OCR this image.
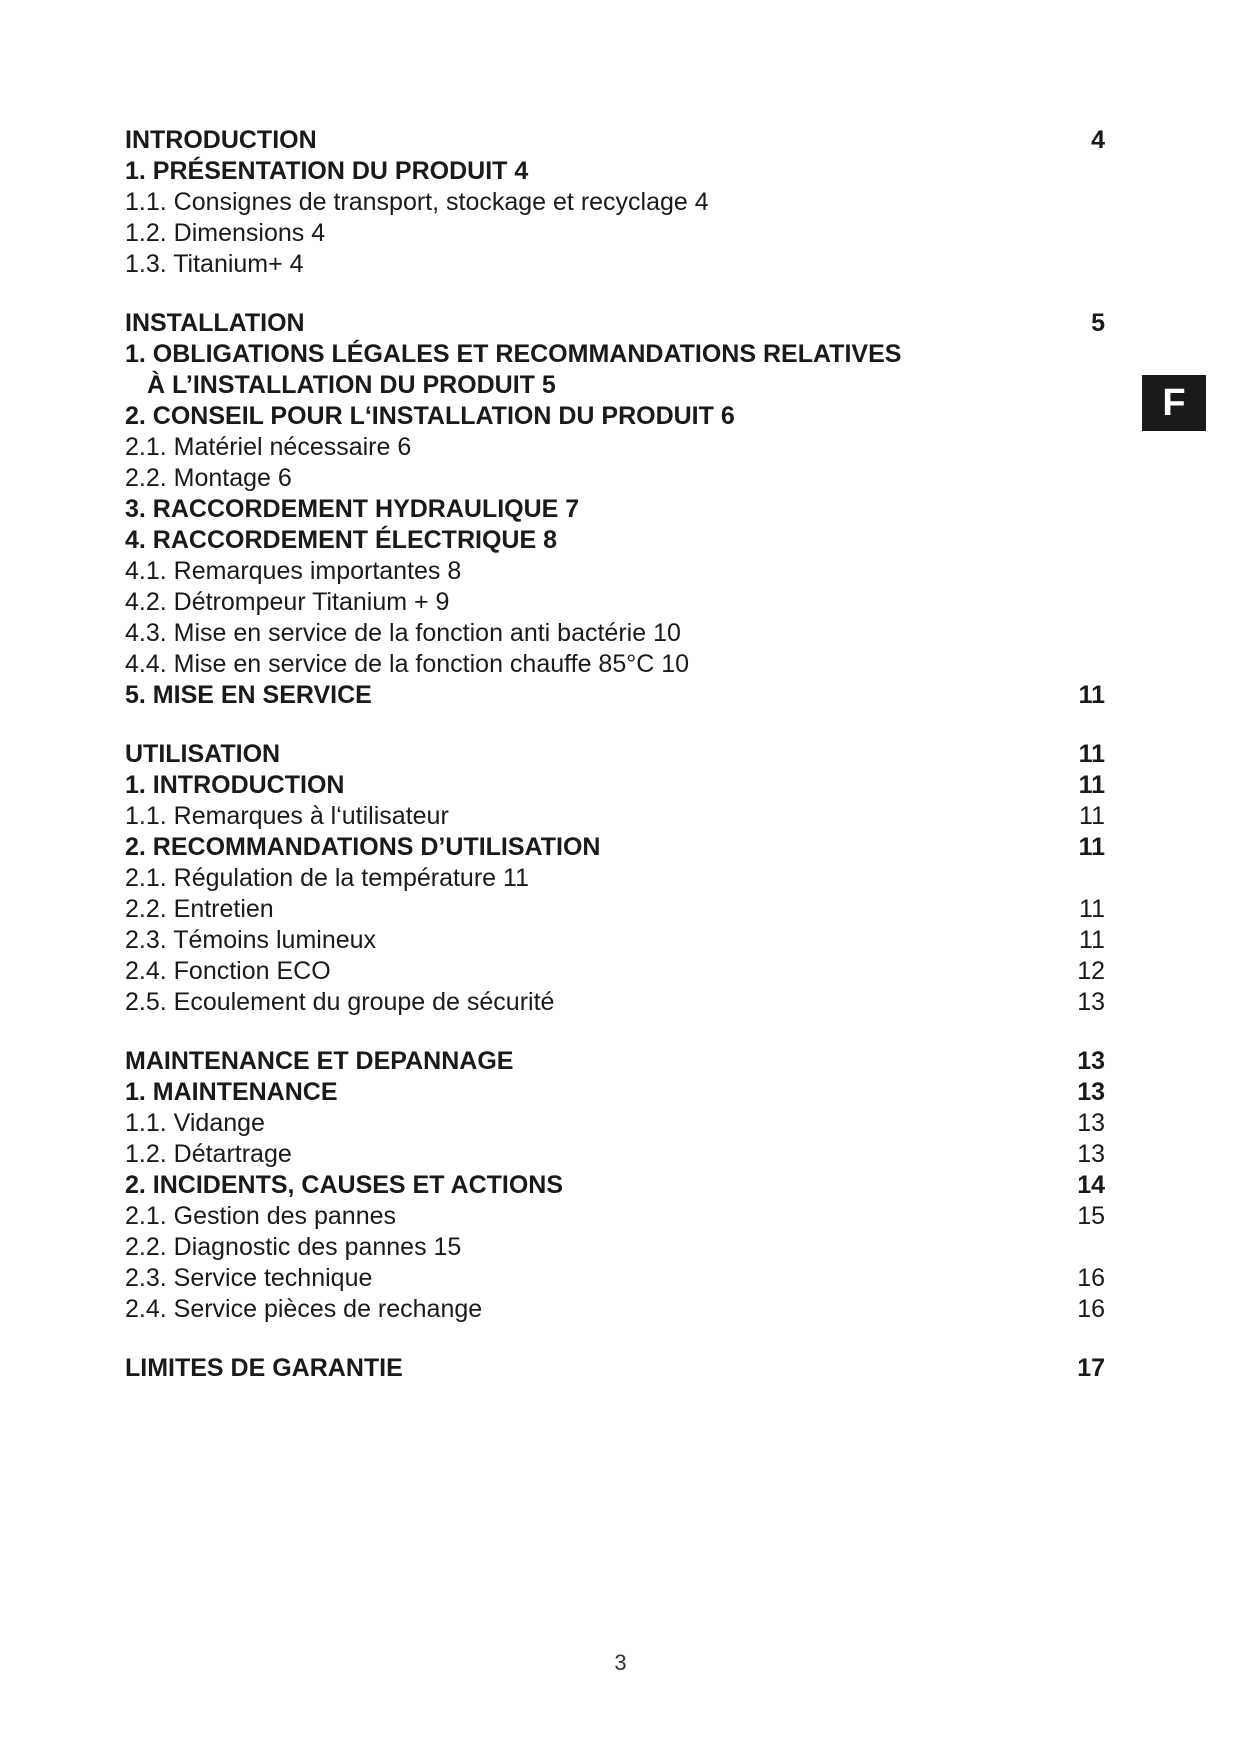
INTRODUCTION	4
1. PRÉSENTATION DU PRODUIT 4
1.1. Consignes de transport, stockage et recyclage 4
1.2. Dimensions 4
1.3. Titanium+ 4
INSTALLATION	5
1. OBLIGATIONS LÉGALES ET RECOMMANDATIONS RELATIVES
À L’INSTALLATION DU PRODUIT 5
2. CONSEIL POUR L‘INSTALLATION DU PRODUIT 6
2.1. Matériel nécessaire 6
2.2. Montage 6
3. RACCORDEMENT HYDRAULIQUE 7
4. RACCORDEMENT ÉLECTRIQUE 8
4.1. Remarques importantes 8
4.2. Détrompeur Titanium + 9
4.3. Mise en service de la fonction anti bactérie 10
4.4. Mise en service de la fonction chauffe 85°C 10
5. MISE EN SERVICE	11
UTILISATION	11
1. INTRODUCTION	11
1.1. Remarques à l‘utilisateur	11
2. RECOMMANDATIONS D’UTILISATION	11
2.1. Régulation de la température 11
2.2. Entretien	11
2.3. Témoins lumineux	11
2.4. Fonction ECO	12
2.5. Ecoulement du groupe de sécurité	13
MAINTENANCE ET DEPANNAGE	13
1. MAINTENANCE	13
1.1. Vidange	13
1.2. Détartrage	13
2. INCIDENTS, CAUSES ET ACTIONS	14
2.1. Gestion des pannes	15
2.2. Diagnostic des pannes 15
2.3. Service technique	16
2.4. Service pièces de rechange	16
LIMITES DE GARANTIE	17
F
3
